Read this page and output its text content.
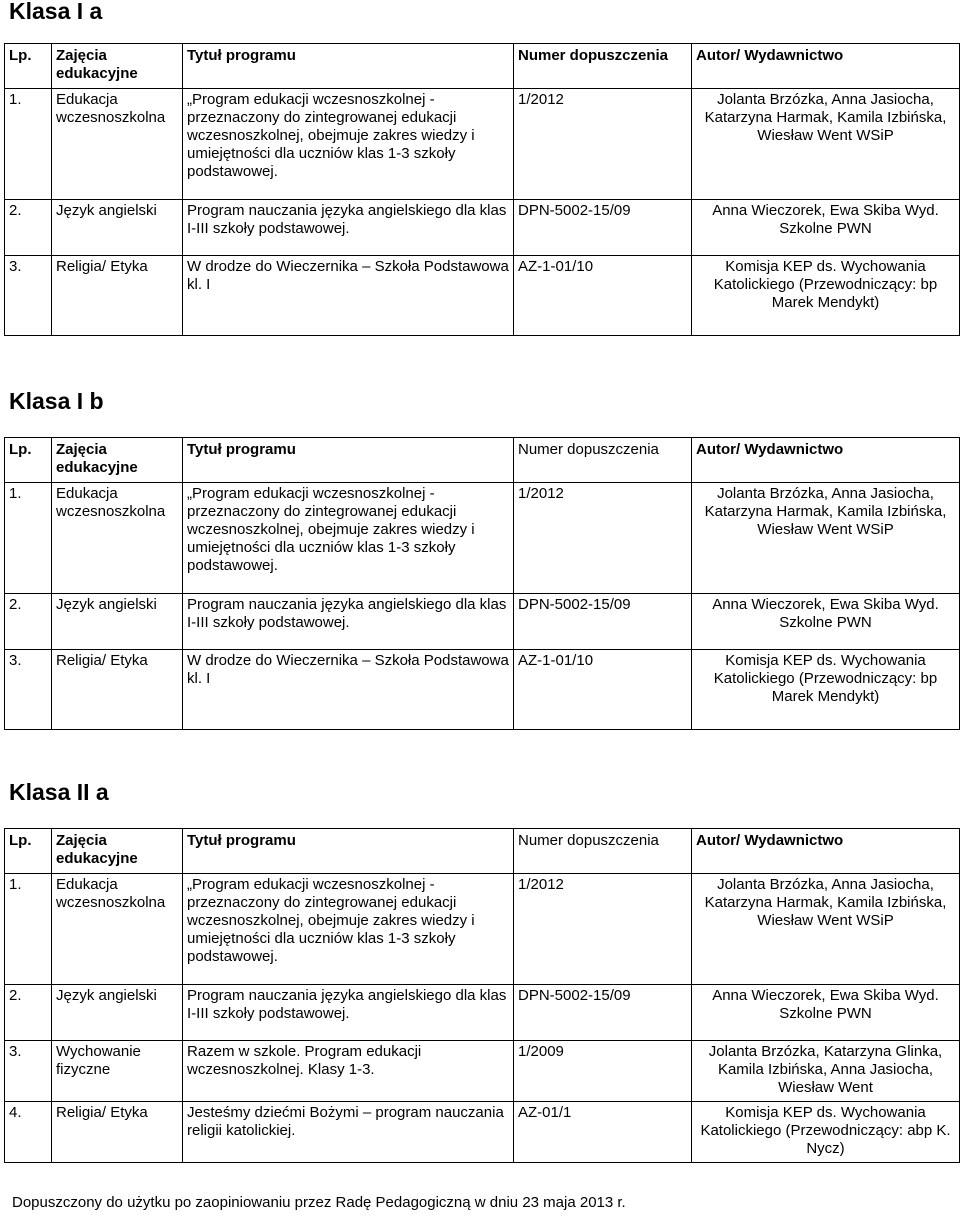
Klasa I a
Lp.	Zajęcia edukacyjne	Tytuł programu	Numer dopuszczenia	Autor/ Wydawnictwo
1.	Edukacja wczesnoszkolna	„Program edukacji wczesnoszkolnej - przeznaczony do zintegrowanej edukacji wczesnoszkolnej, obejmuje zakres wiedzy i umiejętności dla uczniów klas 1-3 szkoły podstawowej.	1/2012	Jolanta Brzózka, Anna Jasiocha, Katarzyna Harmak, Kamila Izbińska, Wiesław Went WSiP
2.	Język angielski	Program nauczania języka angielskiego dla klas I-III szkoły podstawowej.	DPN-5002-15/09	Anna Wieczorek, Ewa Skiba Wyd. Szkolne PWN
3.	Religia/ Etyka	W drodze do Wieczernika – Szkoła Podstawowa kl. I	AZ-1-01/10	Komisja KEP ds. Wychowania Katolickiego (Przewodniczący: bp Marek Mendykt)
Klasa I b
Lp.	Zajęcia edukacyjne	Tytuł programu	Numer dopuszczenia	Autor/ Wydawnictwo
1.	Edukacja wczesnoszkolna	„Program edukacji wczesnoszkolnej - przeznaczony do zintegrowanej edukacji wczesnoszkolnej, obejmuje zakres wiedzy i umiejętności dla uczniów klas 1-3 szkoły podstawowej.	1/2012	Jolanta Brzózka, Anna Jasiocha, Katarzyna Harmak, Kamila Izbińska, Wiesław Went WSiP
2.	Język angielski	Program nauczania języka angielskiego dla klas I-III szkoły podstawowej.	DPN-5002-15/09	Anna Wieczorek, Ewa Skiba Wyd. Szkolne PWN
3.	Religia/ Etyka	W drodze do Wieczernika – Szkoła Podstawowa kl. I	AZ-1-01/10	Komisja KEP ds. Wychowania Katolickiego (Przewodniczący: bp Marek Mendykt)
Klasa II a
Lp.	Zajęcia edukacyjne	Tytuł programu	Numer dopuszczenia	Autor/ Wydawnictwo
1.	Edukacja wczesnoszkolna	„Program edukacji wczesnoszkolnej - przeznaczony do zintegrowanej edukacji wczesnoszkolnej, obejmuje zakres wiedzy i umiejętności dla uczniów klas 1-3 szkoły podstawowej.	1/2012	Jolanta Brzózka, Anna Jasiocha, Katarzyna Harmak, Kamila Izbińska, Wiesław Went WSiP
2.	Język angielski	Program nauczania języka angielskiego dla klas I-III szkoły podstawowej.	DPN-5002-15/09	Anna Wieczorek, Ewa Skiba Wyd. Szkolne PWN
3.	Wychowanie fizyczne	Razem w szkole. Program edukacji wczesnoszkolnej. Klasy 1-3.	1/2009	Jolanta Brzózka, Katarzyna Glinka, Kamila Izbińska, Anna Jasiocha, Wiesław Went
4.	Religia/ Etyka	Jesteśmy dziećmi Bożymi – program nauczania religii katolickiej.	AZ-01/1	Komisja KEP ds. Wychowania Katolickiego (Przewodniczący: abp K. Nycz)

Dopuszczony do użytku po zaopiniowaniu przez Radę Pedagogiczną w dniu 23 maja 2013 r.
